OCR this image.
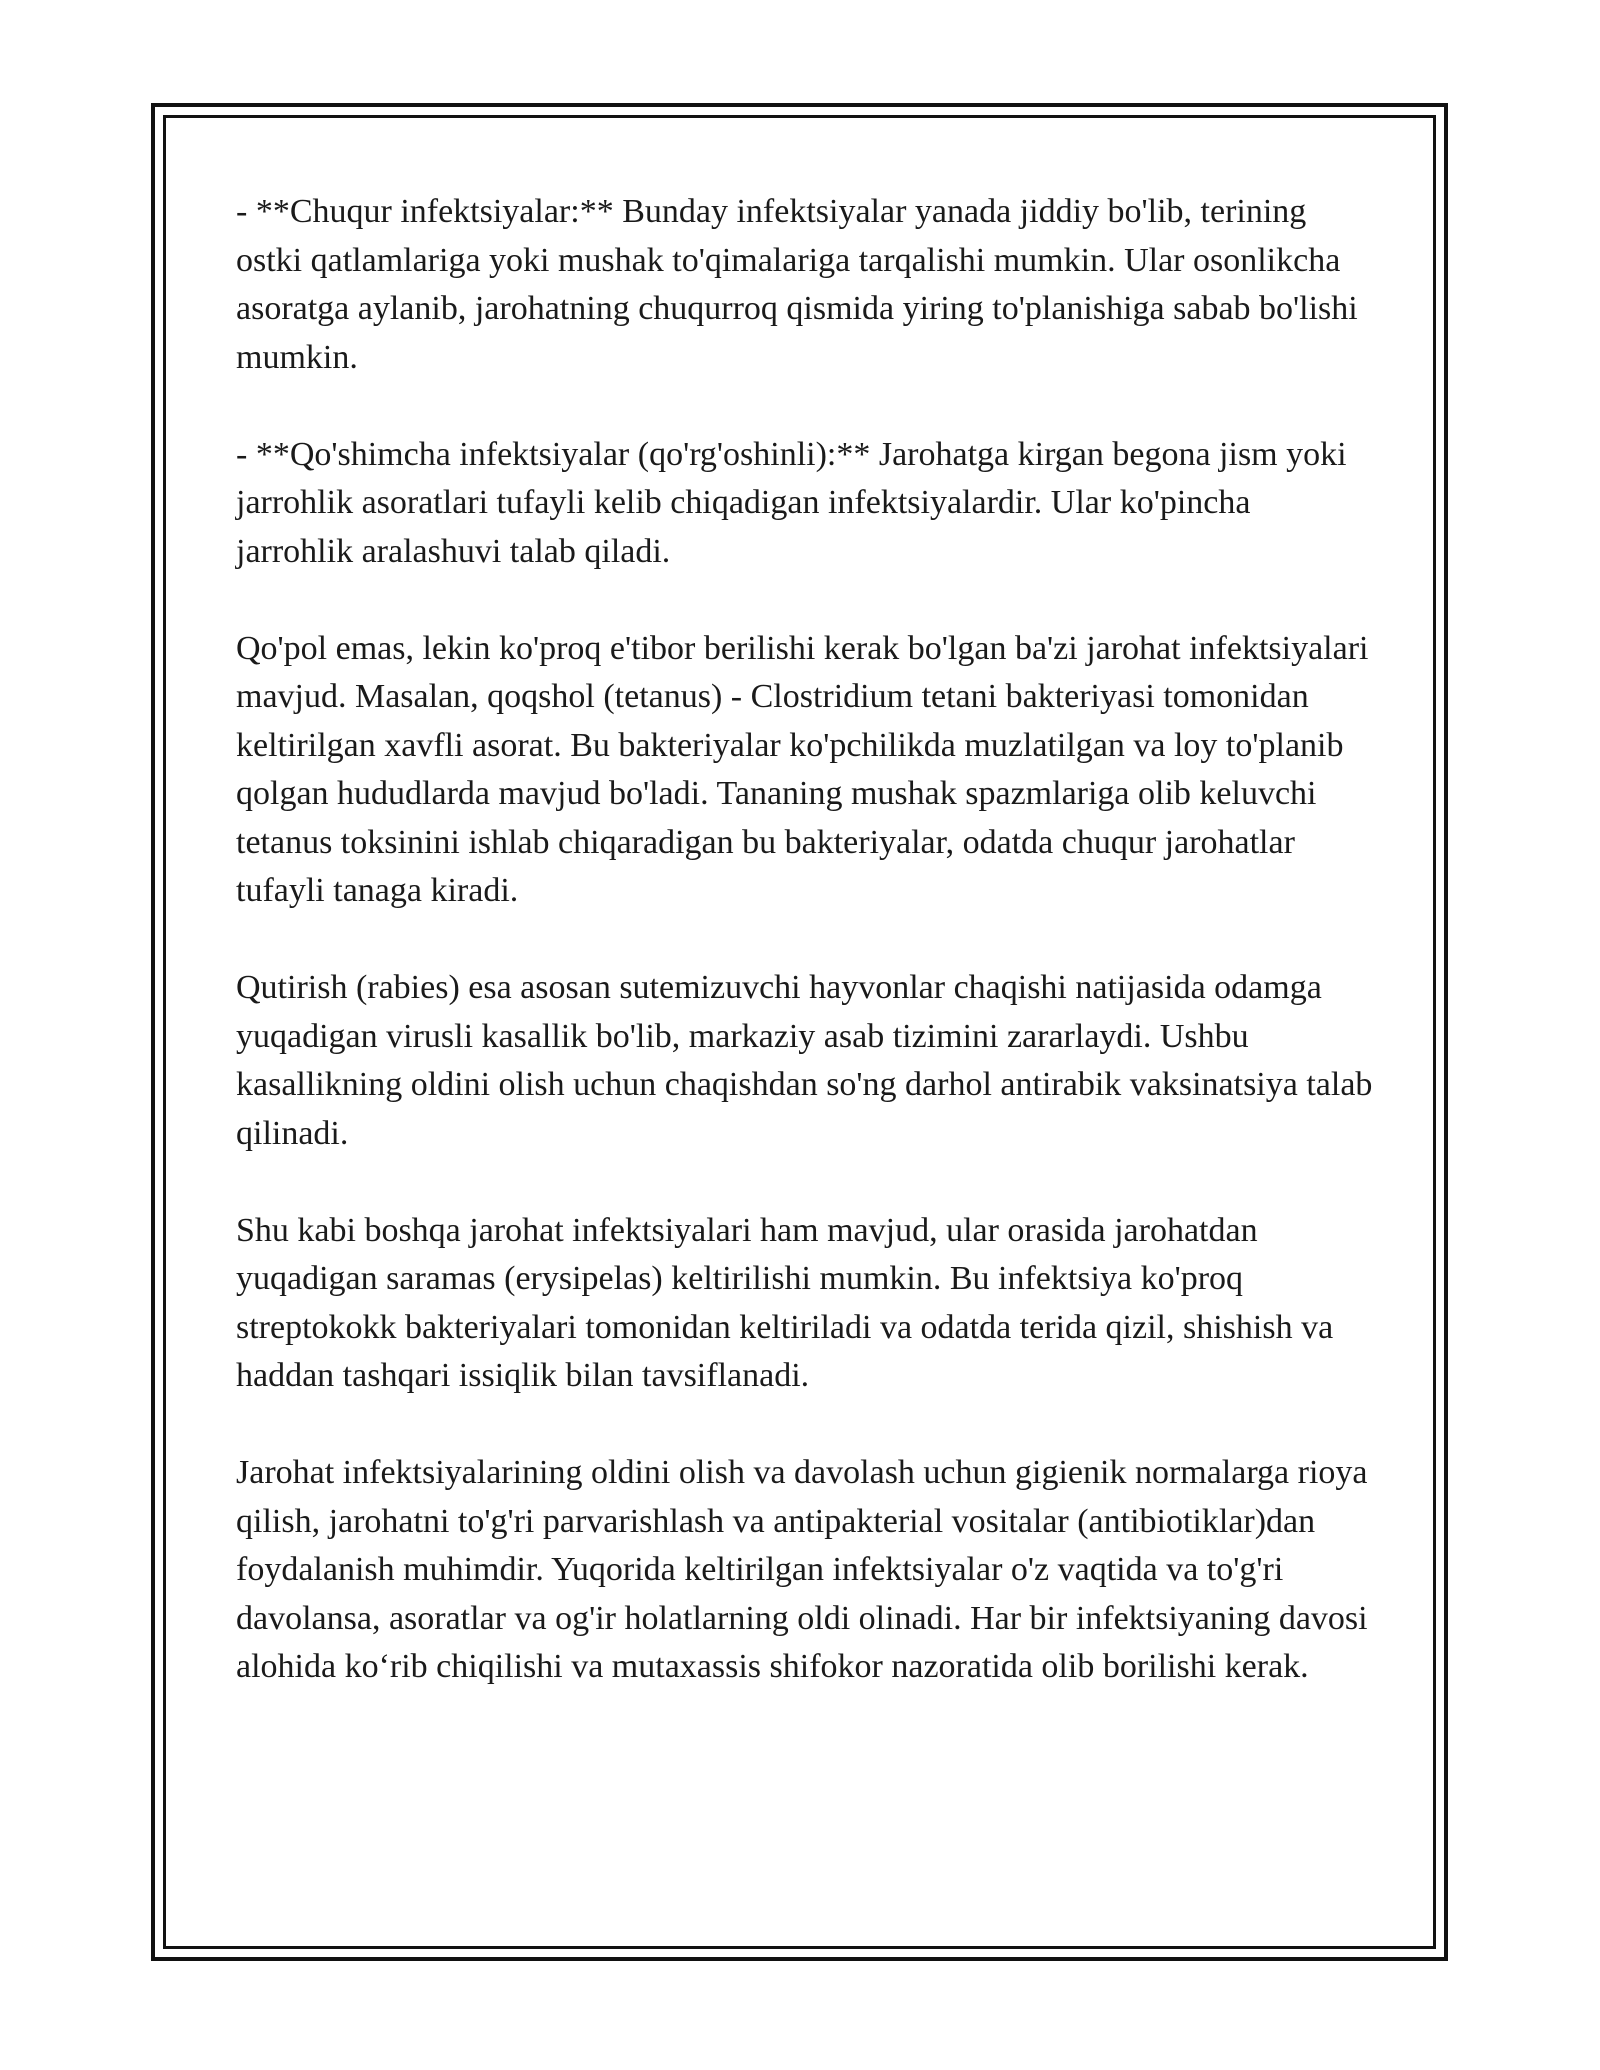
- **Chuqur infektsiyalar:** Bunday infektsiyalar yanada jiddiy bo'lib, terining ostki qatlamlariga yoki mushak to'qimalariga tarqalishi mumkin. Ular osonlikcha asoratga aylanib, jarohatning chuqurroq qismida yiring to'planishiga sabab bo'lishi mumkin.

- **Qo'shimcha infektsiyalar (qo'rg'oshinli):** Jarohatga kirgan begona jism yoki jarrohlik asoratlari tufayli kelib chiqadigan infektsiyalardir. Ular ko'pincha jarrohlik aralashuvi talab qiladi.

Qo'pol emas, lekin ko'proq e'tibor berilishi kerak bo'lgan ba'zi jarohat infektsiyalari mavjud. Masalan, qoqshol (tetanus) - Clostridium tetani bakteriyasi tomonidan keltirilgan xavfli asorat. Bu bakteriyalar ko'pchilikda muzlatilgan va loy to'planib qolgan hududlarda mavjud bo'ladi. Tananing mushak spazmlariga olib keluvchi tetanus toksinini ishlab chiqaradigan bu bakteriyalar, odatda chuqur jarohatlar tufayli tanaga kiradi.

Qutirish (rabies) esa asosan sutemizuvchi hayvonlar chaqishi natijasida odamga yuqadigan virusli kasallik bo'lib, markaziy asab tizimini zararlaydi. Ushbu kasallikning oldini olish uchun chaqishdan so'ng darhol antirabik vaksinatsiya talab qilinadi.

Shu kabi boshqa jarohat infektsiyalari ham mavjud, ular orasida jarohatdan yuqadigan saramas (erysipelas) keltirilishi mumkin. Bu infektsiya ko'proq streptokokk bakteriyalari tomonidan keltiriladi va odatda terida qizil, shishish va haddan tashqari issiqlik bilan tavsiflanadi.

Jarohat infektsiyalarining oldini olish va davolash uchun gigienik normalarga rioya qilish, jarohatni to'g'ri parvarishlash va antipakterial vositalar (antibiotiklar)dan foydalanish muhimdir. Yuqorida keltirilgan infektsiyalar o'z vaqtida va to'g'ri davolansa, asoratlar va og'ir holatlarning oldi olinadi. Har bir infektsiyaning davosi alohida ko‘rib chiqilishi va mutaxassis shifokor nazoratida olib borilishi kerak.
